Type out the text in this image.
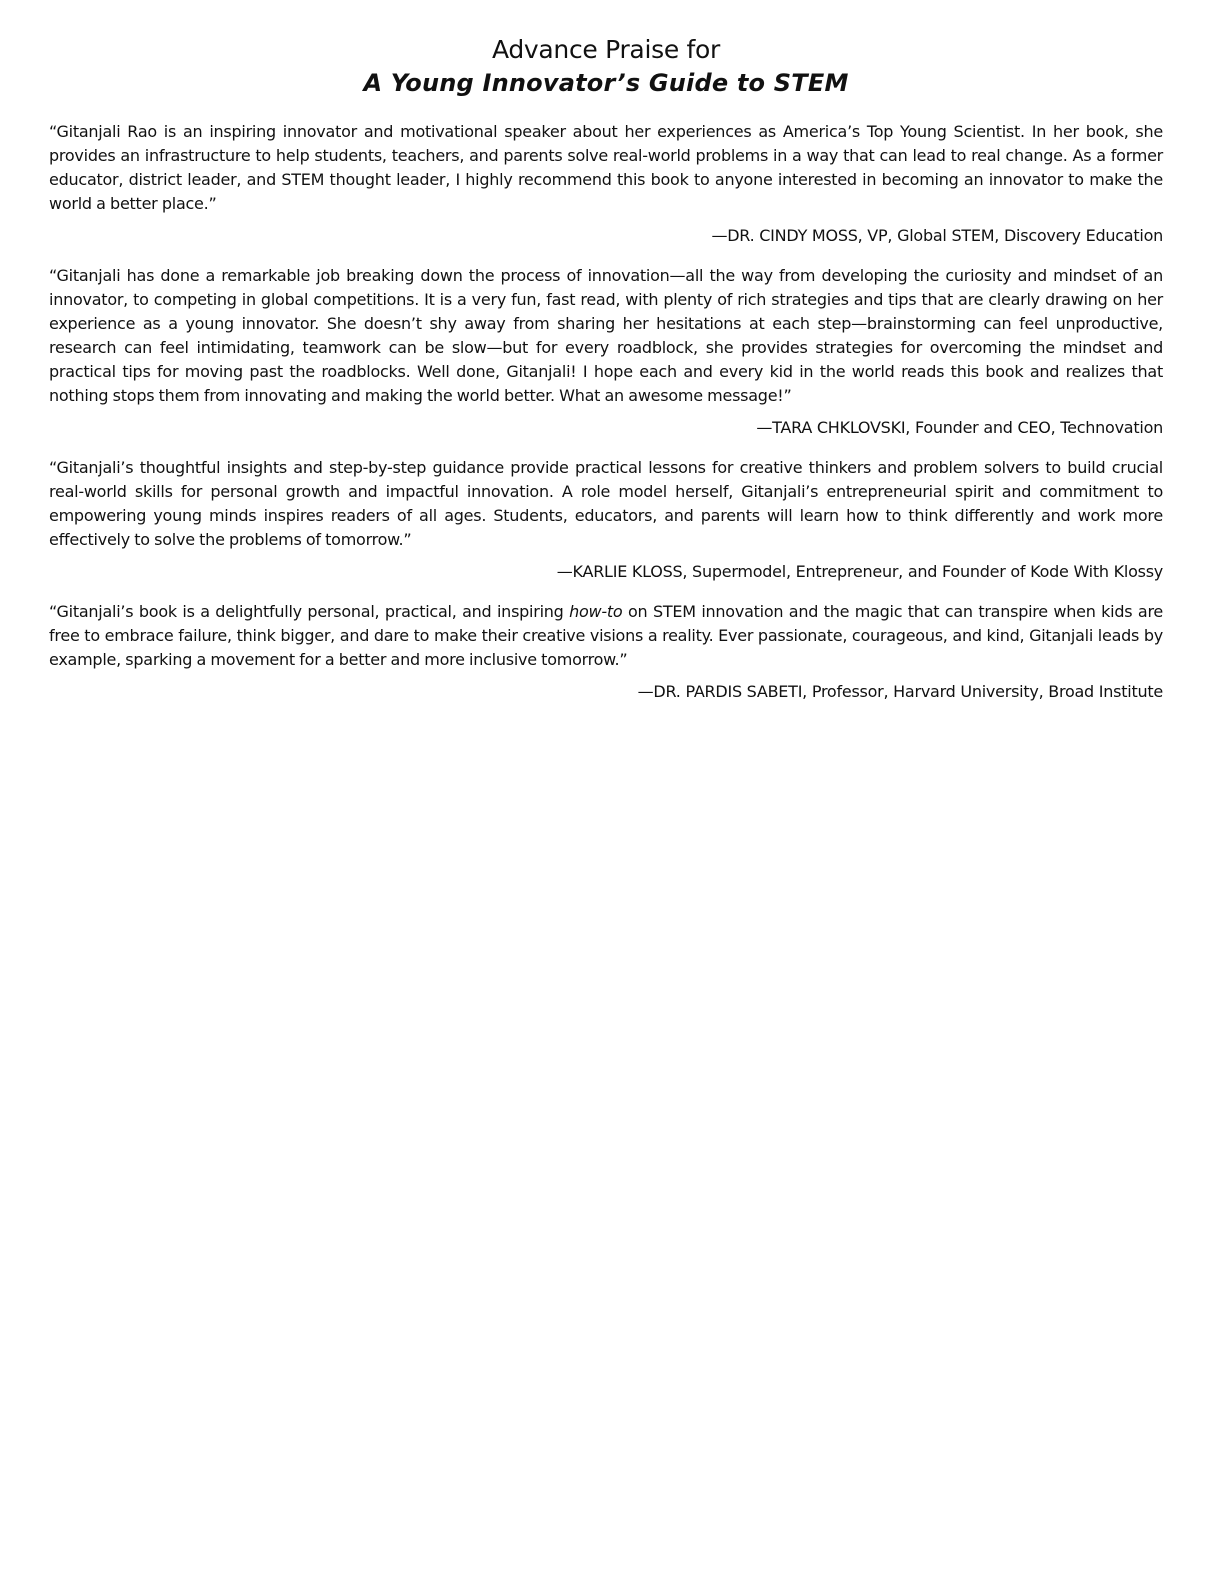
Advance Praise for
A Young Innovator’s Guide to STEM
“Gitanjali Rao is an inspiring innovator and motivational speaker about her experiences as America’s Top Young Scientist. In her book, she provides an infrastructure to help students, teachers, and parents solve real-world problems in a way that can lead to real change. As a former educator, district leader, and STEM thought leader, I highly recommend this book to anyone interested in becoming an innovator to make the world a better place.”
—DR. CINDY MOSS, VP, Global STEM, Discovery Education
“Gitanjali has done a remarkable job breaking down the process of innovation—all the way from developing the curiosity and mindset of an innovator, to competing in global competitions. It is a very fun, fast read, with plenty of rich strategies and tips that are clearly drawing on her experience as a young innovator. She doesn’t shy away from sharing her hesitations at each step—brainstorming can feel unproductive, research can feel intimidating, teamwork can be slow—but for every roadblock, she provides strategies for overcoming the mindset and practical tips for moving past the roadblocks. Well done, Gitanjali! I hope each and every kid in the world reads this book and realizes that nothing stops them from innovating and making the world better. What an awesome message!”
—TARA CHKLOVSKI, Founder and CEO, Technovation
“Gitanjali’s thoughtful insights and step-by-step guidance provide practical lessons for creative thinkers and problem solvers to build crucial real-world skills for personal growth and impactful innovation. A role model herself, Gitanjali’s entrepreneurial spirit and commitment to empowering young minds inspires readers of all ages. Students, educators, and parents will learn how to think differently and work more effectively to solve the problems of tomorrow.”
—KARLIE KLOSS, Supermodel, Entrepreneur, and Founder of Kode With Klossy
“Gitanjali’s book is a delightfully personal, practical, and inspiring how-to on STEM innovation and the magic that can transpire when kids are free to embrace failure, think bigger, and dare to make their creative visions a reality. Ever passionate, courageous, and kind, Gitanjali leads by example, sparking a movement for a better and more inclusive tomorrow.”
—DR. PARDIS SABETI, Professor, Harvard University, Broad Institute
